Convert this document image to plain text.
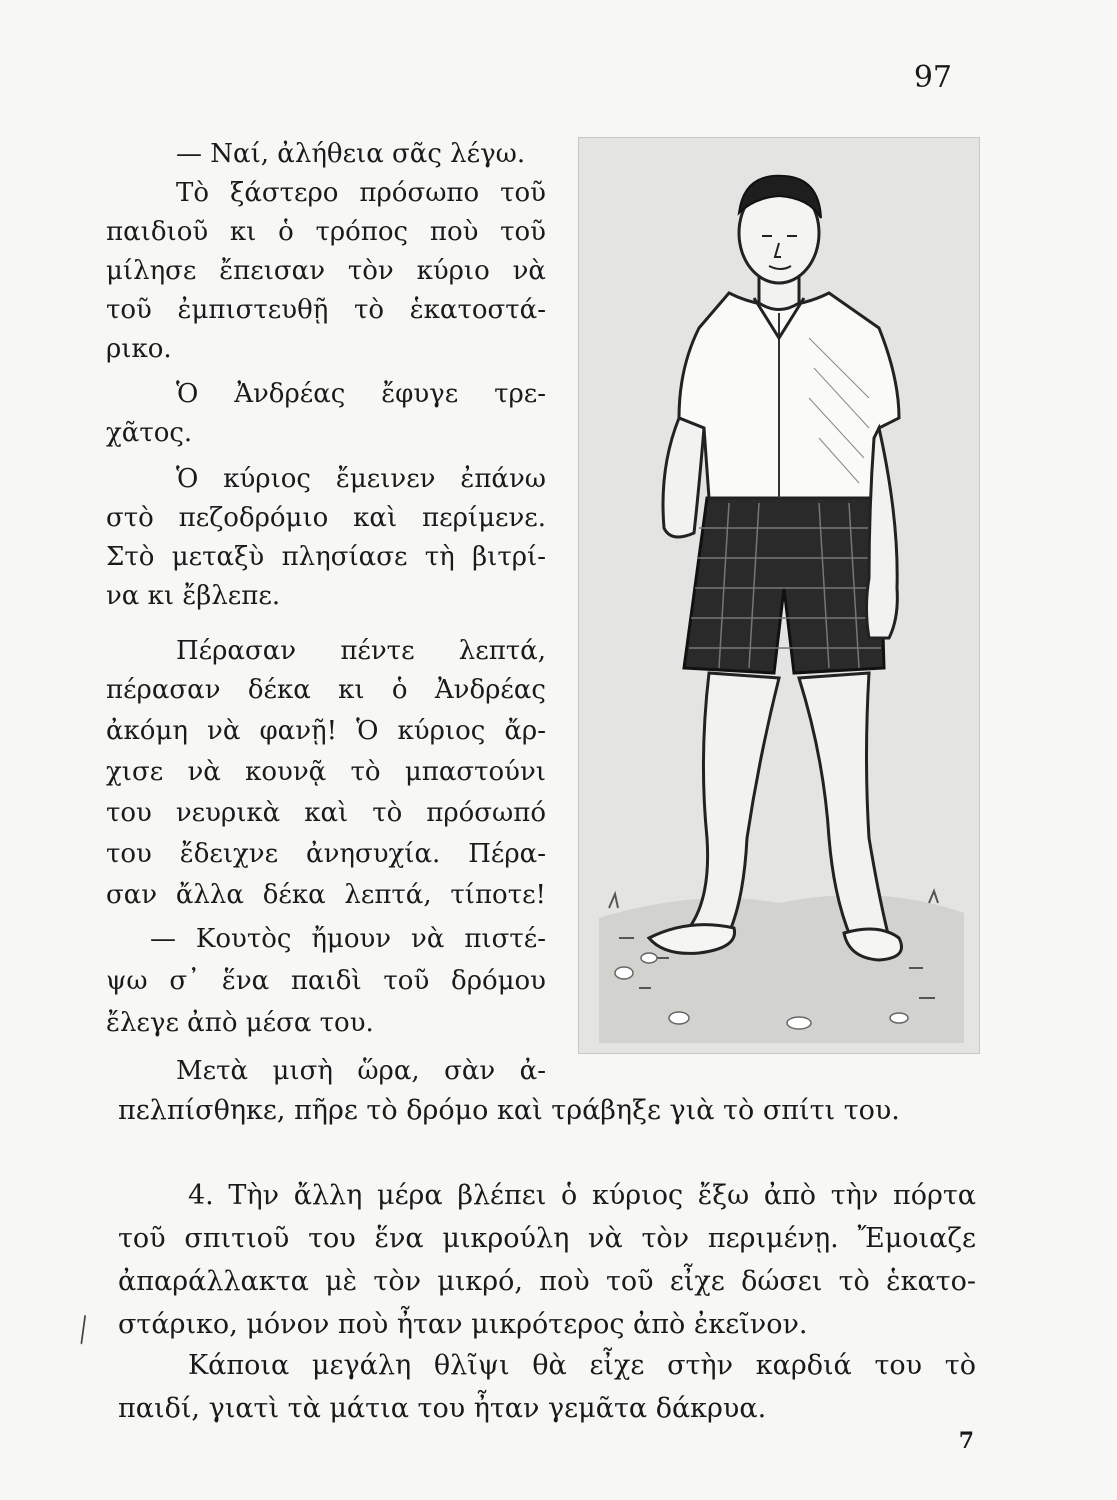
97
— Ναί, ἀλήθεια σᾶς λέγω.
Τὸ ξάστερο πρόσωπο τοῦ
παιδιοῦ κι ὁ τρόπος ποὺ τοῦ
μίλησε ἔπεισαν τὸν κύριο νὰ
τοῦ ἐμπιστευθῇ τὸ ἑκατοστά-
ρικο.
Ὁ Ἀνδρέας ἔφυγε τρε-
χᾶτος.
Ὁ κύριος ἔμεινεν ἐπάνω
στὸ πεζοδρόμιο καὶ περίμενε.
Στὸ μεταξὺ πλησίασε τὴ βιτρί-
να κι ἔβλεπε.
Πέρασαν πέντε λεπτά,
πέρασαν δέκα κι ὁ Ἀνδρέας
ἀκόμη νὰ φανῇ! Ὁ κύριος ἄρ-
χισε νὰ κουνᾷ τὸ μπαστούνι
του νευρικὰ καὶ τὸ πρόσωπό
του ἔδειχνε ἀνησυχία. Πέρα-
σαν ἄλλα δέκα λεπτά, τίποτε!
— Κουτὸς ἤμουν νὰ πιστέ-
ψω σ᾽ ἕνα παιδὶ τοῦ δρόμου
ἔλεγε ἀπὸ μέσα του.
Μετὰ μισὴ ὥρα, σὰν ἀ-
πελπίσθηκε, πῆρε τὸ δρόμο καὶ τράβηξε γιὰ τὸ σπίτι του.
4. Τὴν ἄλλη μέρα βλέπει ὁ κύριος ἔξω ἀπὸ τὴν πόρτα
τοῦ σπιτιοῦ του ἕνα μικρούλη νὰ τὸν περιμένῃ. Ἔμοιαζε
ἀπαράλλακτα μὲ τὸν μικρό, ποὺ τοῦ εἶχε δώσει τὸ ἑκατο-
στάρικο, μόνον ποὺ ἦταν μικρότερος ἀπὸ ἐκεῖνον.
Κάποια μεγάλη θλῖψι θὰ εἶχε στὴν καρδιά του τὸ
παιδί, γιατὶ τὰ μάτια του ἦταν γεμᾶτα δάκρυα.
╲
7
